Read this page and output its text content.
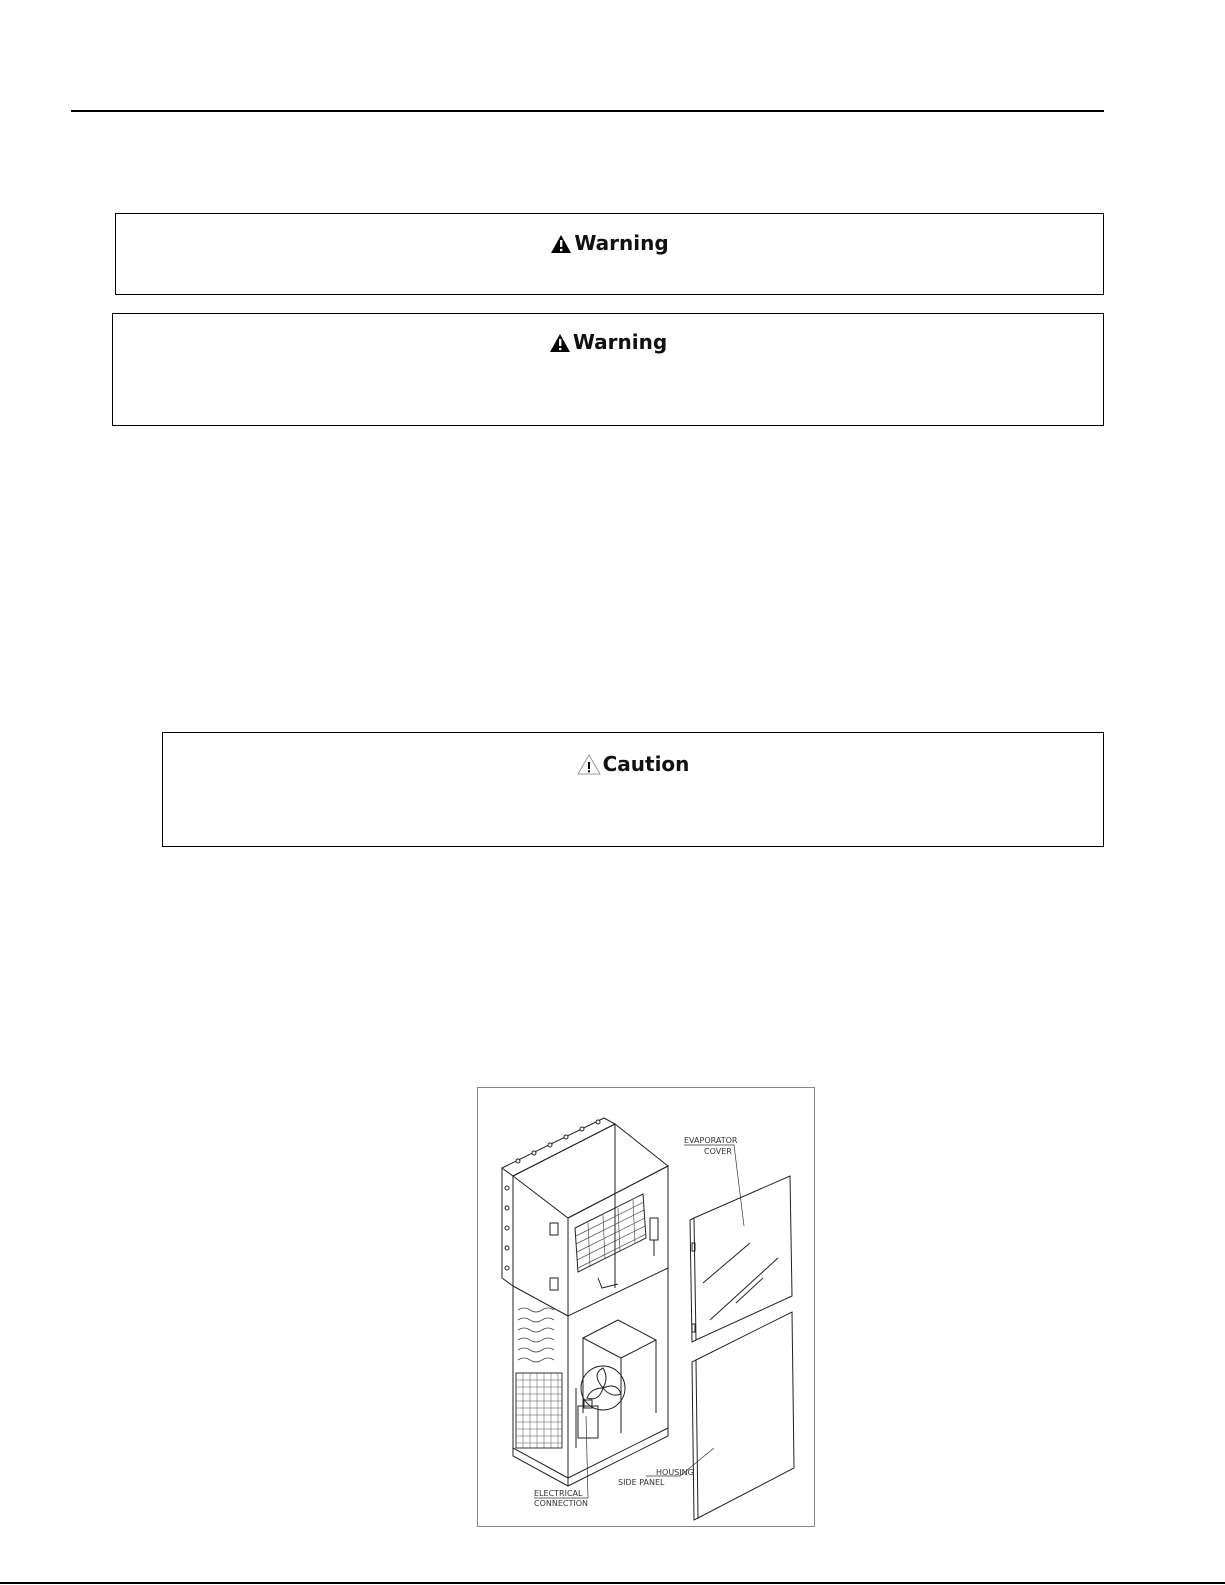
Warning
Warning
Caution
EVAPORATOR
COVER
HOUSING
SIDE PANEL
ELECTRICAL
CONNECTION
